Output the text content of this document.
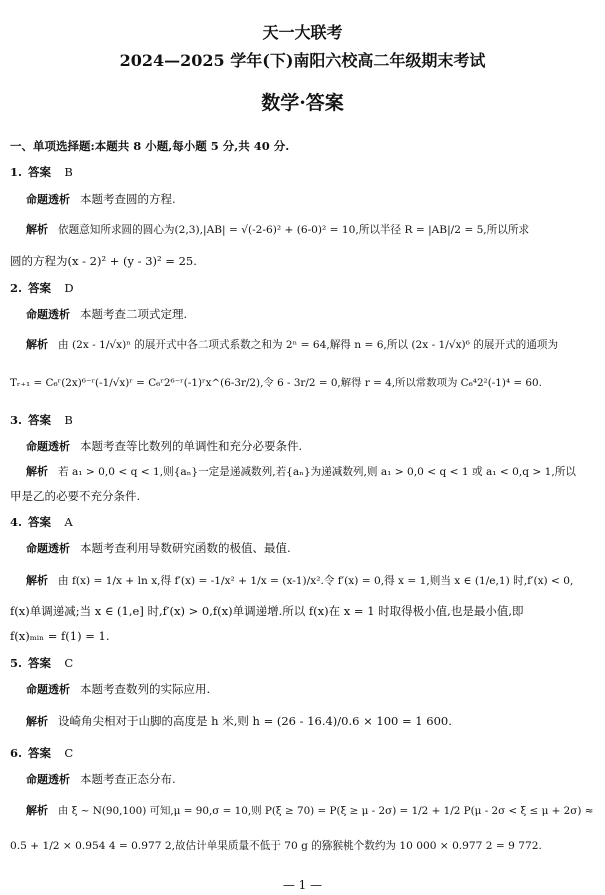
天一大联考
2024—2025 学年(下)南阳六校高二年级期末考试
数学·答案
一、单项选择题:本题共 8 小题,每小题 5 分,共 40 分.
1. 答案 B
命题透析 本题考查圆的方程.
解析 依题意知所求圆的圆心为(2,3),|AB| = √(-2-6)² + (6-0)² = 10,所以半径 R = |AB|/2 = 5,所以所求
圆的方程为(x - 2)² + (y - 3)² = 25.
2. 答案 D
命题透析 本题考查二项式定理.
解析 由 (2x - 1/√x)ⁿ 的展开式中各二项式系数之和为 2ⁿ = 64,解得 n = 6,所以 (2x - 1/√x)⁶ 的展开式的通项为
Tᵣ₊₁ = C₆ʳ(2x)⁶⁻ʳ(-1/√x)ʳ = C₆ʳ2⁶⁻ʳ(-1)ʳx^(6-3r/2),令 6 - 3r/2 = 0,解得 r = 4,所以常数项为 C₆⁴2²(-1)⁴ = 60.
3. 答案 B
命题透析 本题考查等比数列的单调性和充分必要条件.
解析 若 a₁ > 0,0 < q < 1,则{aₙ}一定是递减数列,若{aₙ}为递减数列,则 a₁ > 0,0 < q < 1 或 a₁ < 0,q > 1,所以
甲是乙的必要不充分条件.
4. 答案 A
命题透析 本题考查利用导数研究函数的极值、最值.
解析 由 f(x) = 1/x + ln x,得 f′(x) = -1/x² + 1/x = (x-1)/x².令 f′(x) = 0,得 x = 1,则当 x ∈ (1/e,1) 时,f′(x) < 0,
f(x)单调递减;当 x ∈ (1,e] 时,f′(x) > 0,f(x)单调递增.所以 f(x)在 x = 1 时取得极小值,也是最小值,即
f(x)ₘᵢₙ = f(1) = 1.
5. 答案 C
命题透析 本题考查数列的实际应用.
解析 设崎角尖相对于山脚的高度是 h 米,则 h = (26 - 16.4)/0.6 × 100 = 1 600.
6. 答案 C
命题透析 本题考查正态分布.
解析 由 ξ ~ N(90,100) 可知,μ = 90,σ = 10,则 P(ξ ≥ 70) = P(ξ ≥ μ - 2σ) = 1/2 + 1/2 P(μ - 2σ < ξ ≤ μ + 2σ) ≈
0.5 + 1/2 × 0.954 4 = 0.977 2,故估计单果质量不低于 70 g 的猕猴桃个数约为 10 000 × 0.977 2 = 9 772.
— 1 —
